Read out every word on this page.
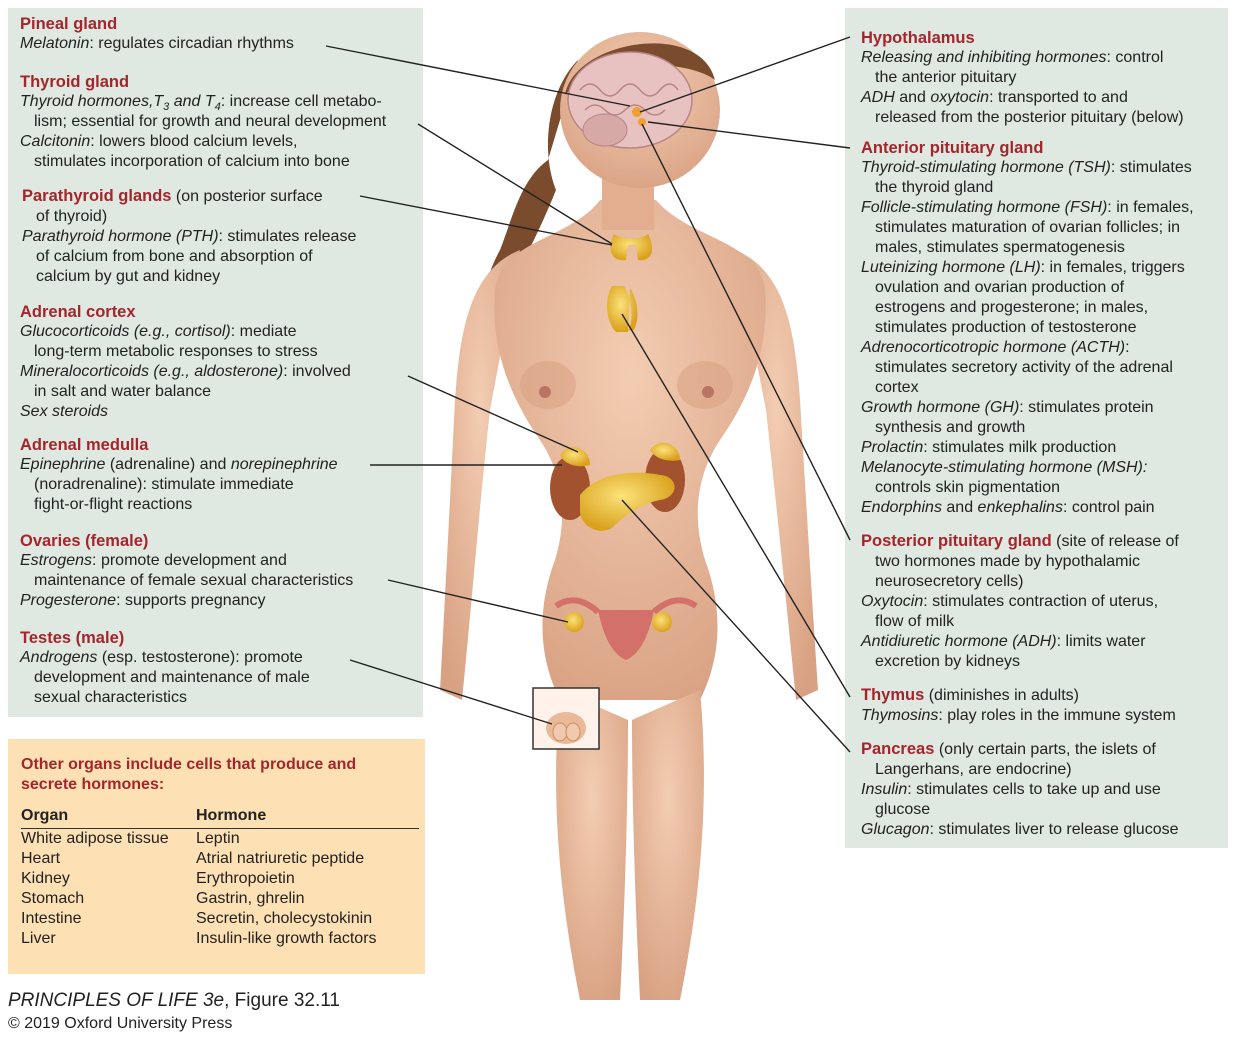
Pineal gland
Melatonin: regulates circadian rhythms
Thyroid gland
Thyroid $hormones,T_3$ and $T_4$: increase cell metabo-
lism; essential for growth and neural development
Calcitonin: lowers blood calcium levels,
stimulates incorporation of calcium into bone
Parathyroid glands (on posterior surface
of thyroid)
Parathyroid hormone (PTH): stimulates release
of calcium from bone and absorption of
calcium by gut and kidney
Adrenal cortex
Glucocorticoids (e.g., cortisol): mediate
long-term metabolic responses to stress
Mineralocorticoids (e.g., aldosterone): involved
in salt and water balance
Sex steroids
Adrenal medulla
Epinephrine (adrenaline) and norepinephrine
(noradrenaline): stimulate immediate
fight-or-flight reactions
Ovaries (female)
Estrogens: promote development and
maintenance of female sexual characteristics
Progesterone: supports pregnancy
Testes (male)
Androgens (esp. testosterone): promote
development and maintenance of male
sexual characteristics
Hypothalamus
Releasing and inhibiting hormones: control
the anterior pituitary
ADH and oxytocin: transported to and
released from the posterior pituitary (below)
Anterior pituitary gland
Thyroid-stimulating hormone (TSH): stimulates
the thyroid gland
Follicle-stimulating hormone (FSH): in females,
stimulates maturation of ovarian follicles; in
males, stimulates spermatogenesis
Luteinizing hormone (LH): in females, triggers
ovulation and ovarian production of
estrogens and progesterone; in males,
stimulates production of testosterone
Adrenocorticotropic hormone (ACTH):
stimulates secretory activity of the adrenal
cortex
Growth hormone (GH): stimulates protein
synthesis and growth
Prolactin: stimulates milk production
Melanocyte-stimulating hormone (MSH):
controls skin pigmentation
Endorphins and enkephalins: control pain
Posterior pituitary gland (site of release of
two hormones made by hypothalamic
neurosecretory cells)
Oxytocin: stimulates contraction of uterus,
flow of milk
Antidiuretic hormone (ADH): limits water
excretion by kidneys
Thymus (diminishes in adults)
Thymosins: play roles in the immune system
Pancreas (only certain parts, the islets of
Langerhans, are endocrine)
Insulin: stimulates cells to take up and use
glucose
Glucagon: stimulates liver to release glucose
Other organs include cells that produce and secrete hormones:
Organ	Hormone
White adipose tissue	Leptin
Heart	Atrial natriuretic peptide
Kidney	Erythropoietin
Stomach	Gastrin, ghrelin
Intestine	Secretin, cholecystokinin
Liver	Insulin-like growth factors
PRINCIPLES OF LIFE 3e, Figure 32.11
© 2019 Oxford University Press
